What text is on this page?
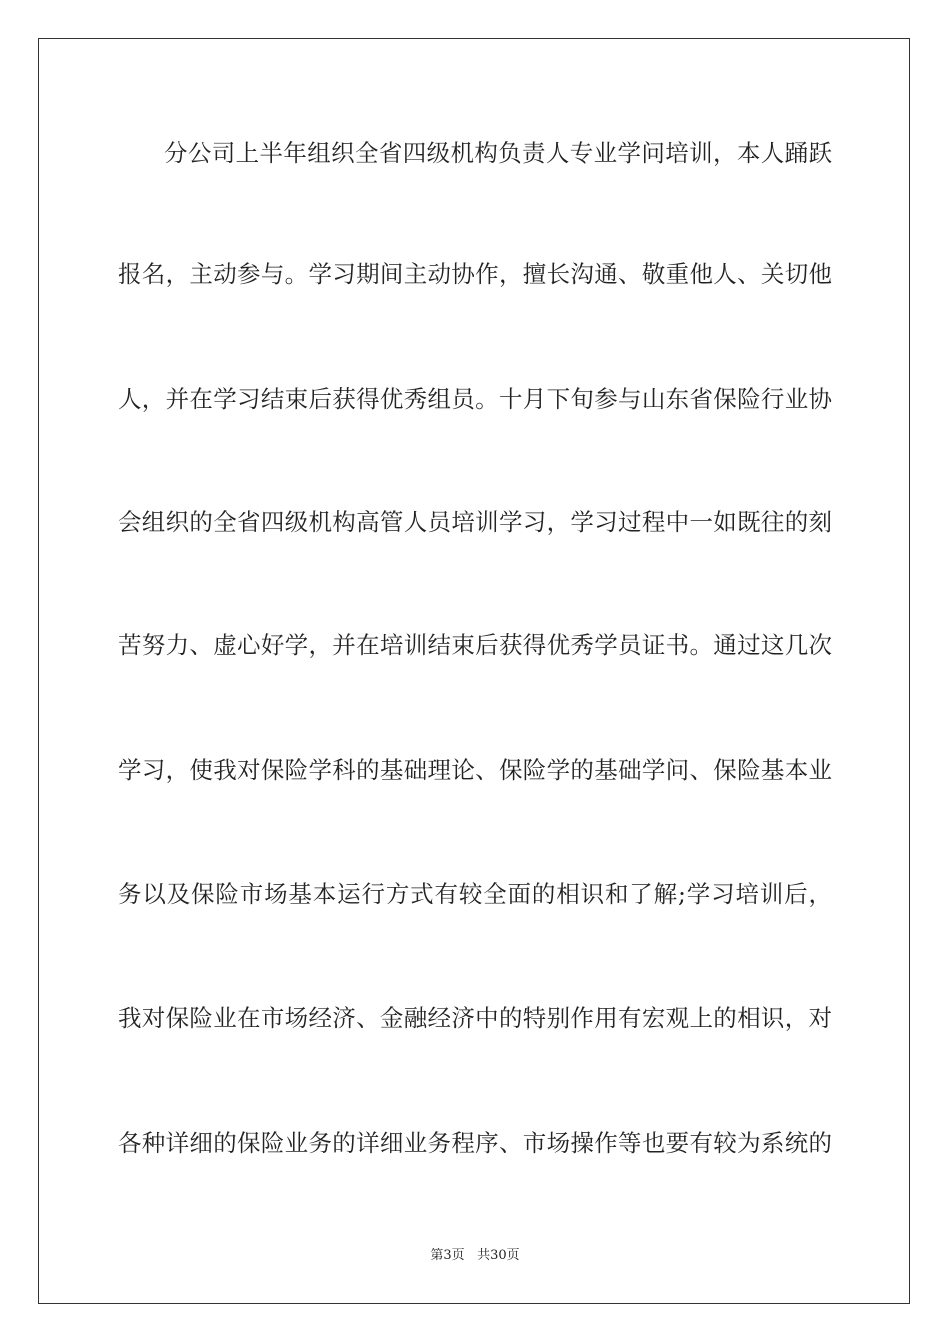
分公司上半年组织全省四级机构负责人专业学问培训，本人踊跃
报名，主动参与。学习期间主动协作，擅长沟通、敬重他人、关切他
人，并在学习结束后获得优秀组员。十月下旬参与山东省保险行业协
会组织的全省四级机构高管人员培训学习，学习过程中一如既往的刻
苦努力、虚心好学，并在培训结束后获得优秀学员证书。通过这几次
学习，使我对保险学科的基础理论、保险学的基础学问、保险基本业
务以及保险市场基本运行方式有较全面的相识和了解;学习培训后，
我对保险业在市场经济、金融经济中的特别作用有宏观上的相识，对
各种详细的保险业务的详细业务程序、市场操作等也要有较为系统的
第3页 共30页
